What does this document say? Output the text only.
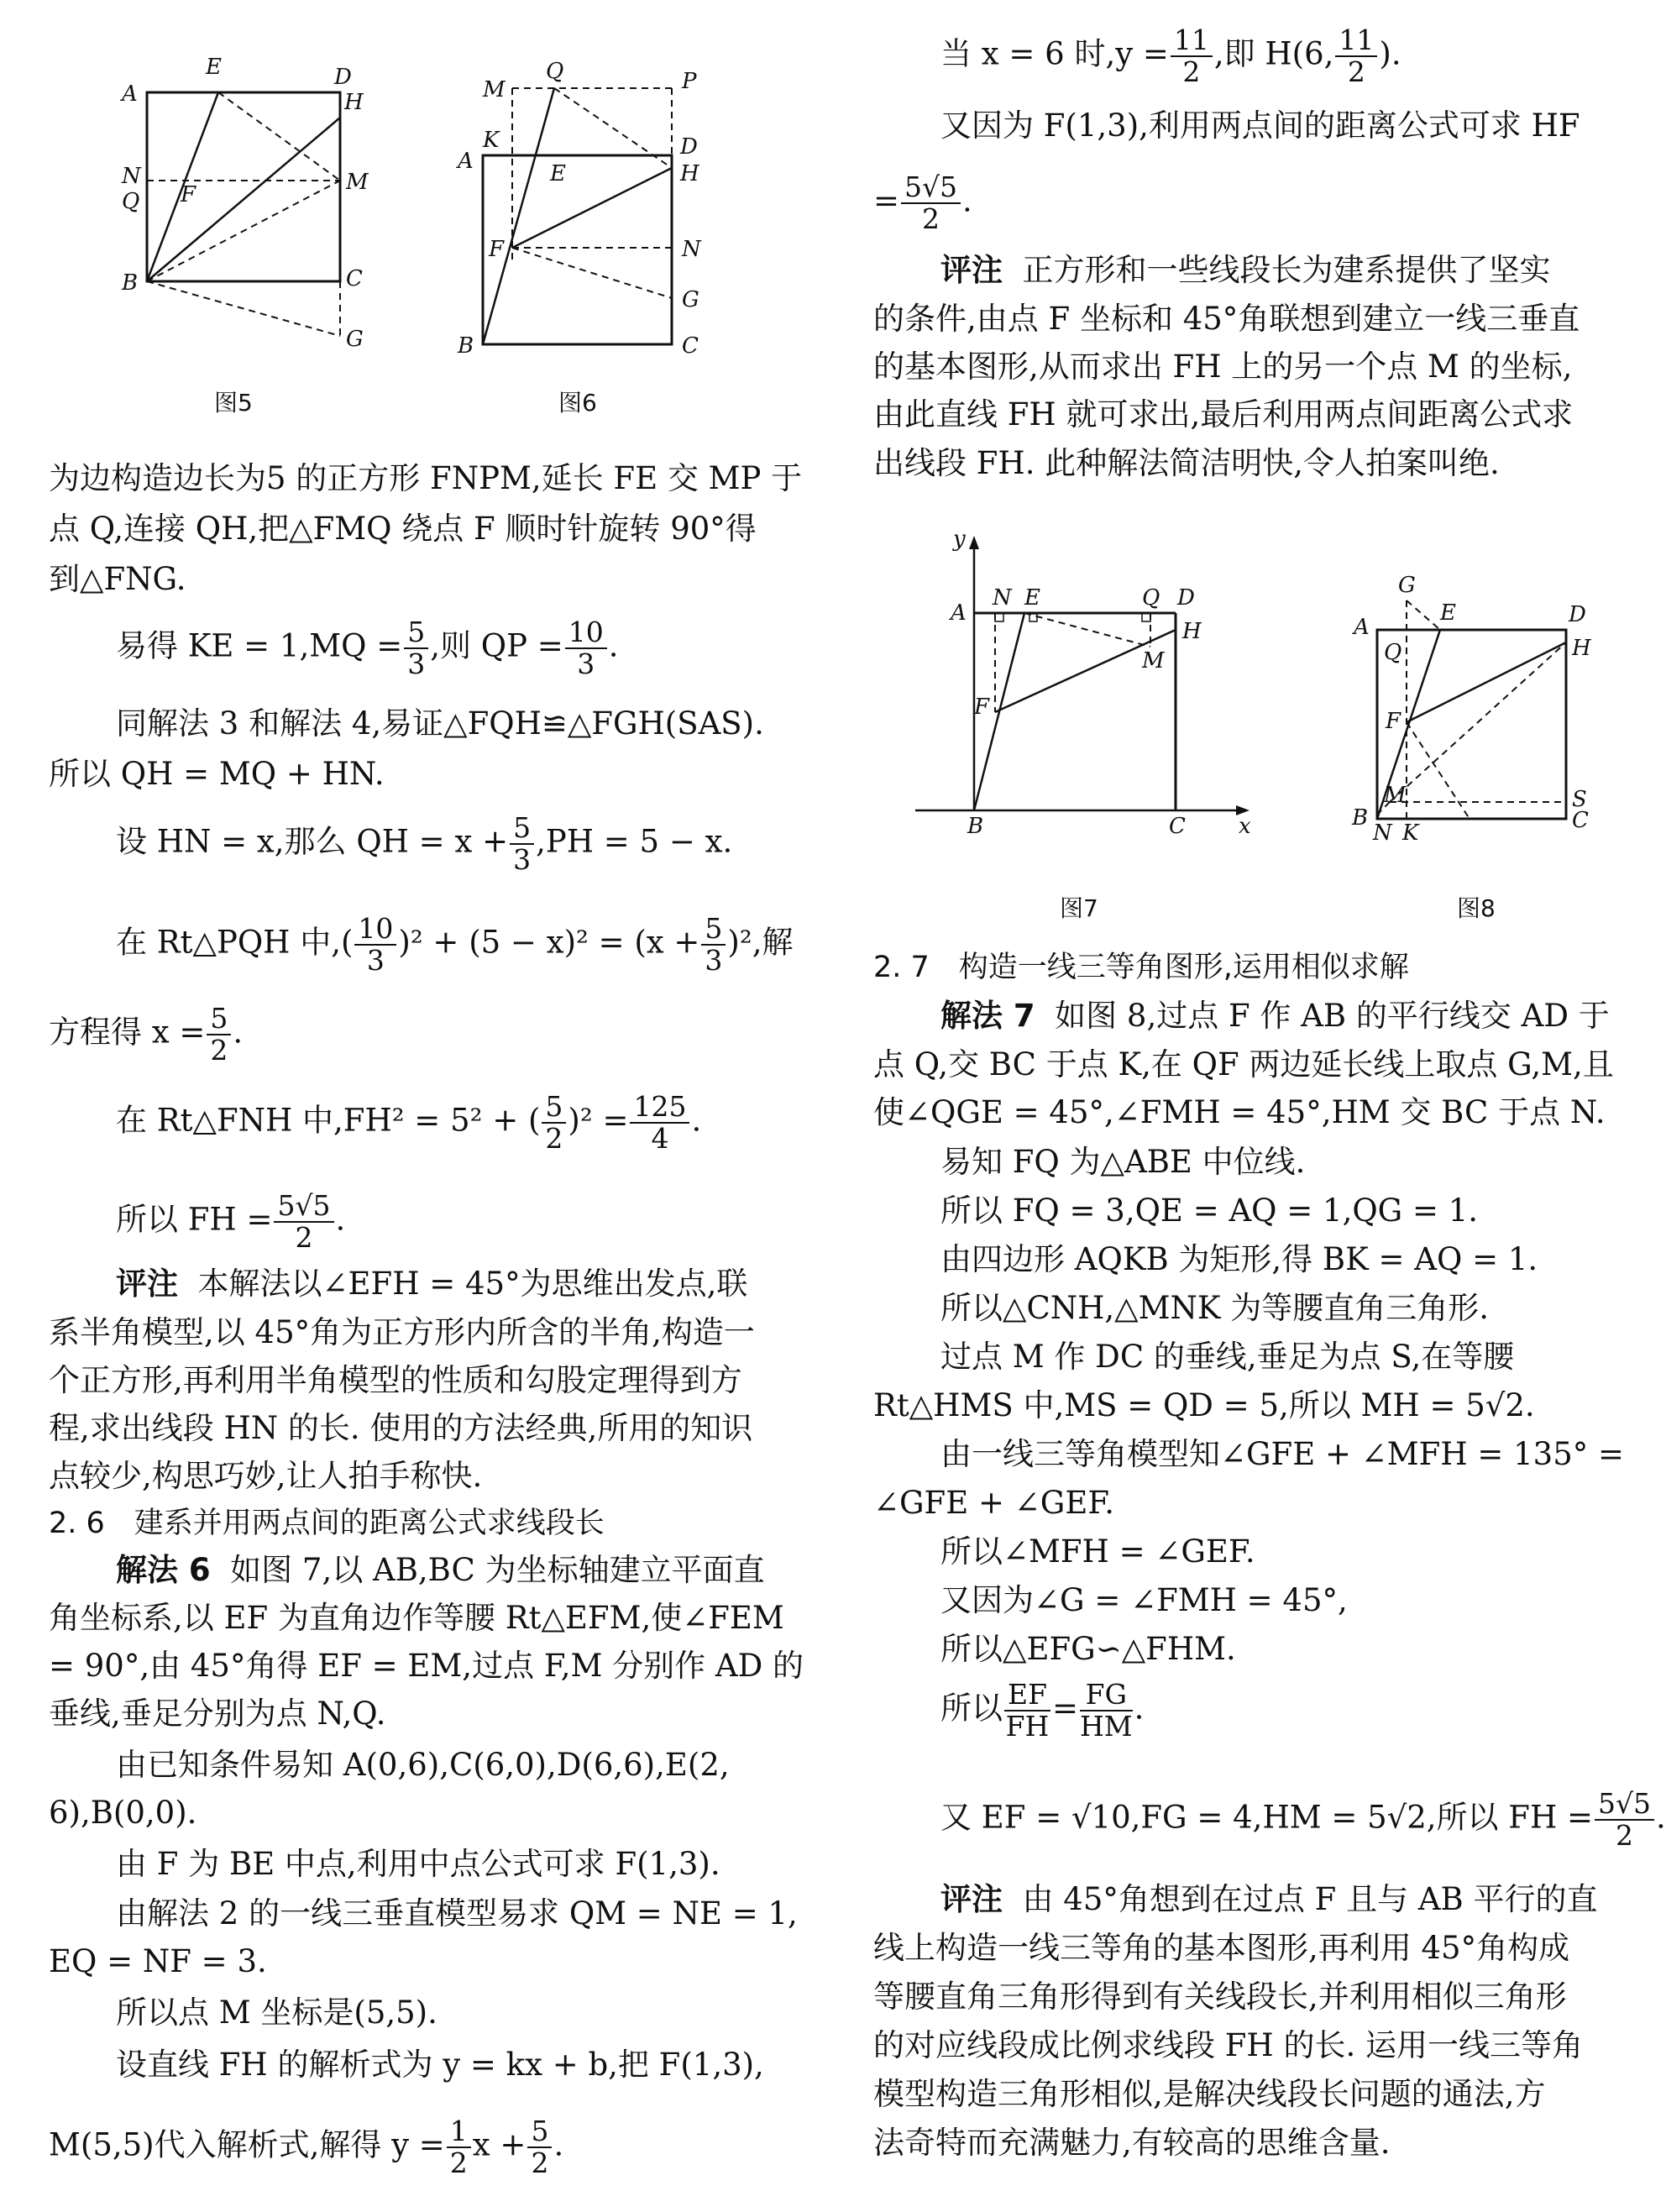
A
E	D
H
N
Q F	M
B	C
G
图5
M
Q	P
K	D
A	E	H
F	N
G
B	C
图6
为边构造边长为5 的正方形 FNPM,延长 FE 交 MP 于
点 Q,连接 QH,把△FMQ 绕点 F 顺时针旋转 90°得
到△FNG.
易得 KE = $1,MQ = \frac{5}{3}$ ,则 QP = $\frac{10}{3}$ .
同解法 3 和解法 4,易证△FQH≌△FGH(SAS).
所以 QH = MQ + HN.
设 HN = x,那么 QH = $x + \frac{5}{3} ,PH = 5 - x$.
在 Rt△PQH 中,( $\frac{10}{3} )^2 + (5 - x)^2 = (x + \frac{5}{3} )^2$,解
方程得 $x = \frac{5}{2}$ .
在 Rt△FNH 中,FH² = 5² + ( $\frac{5}{2} )^2 = \frac{125}{4}$ .
所以 FH = $\frac{5√5}{2}$ .
评注 本解法以∠EFH = 45°为思维出发点,联
系半角模型,以 45°角为正方形内所含的半角,构造一
个正方形,再利用半角模型的性质和勾股定理得到方
程,求出线段 HN 的长. 使用的方法经典,所用的知识
点较少,构思巧妙,让人拍手称快.
2. 6　建系并用两点间的距离公式求线段长
解法 6 如图 7,以 AB,BC 为坐标轴建立平面直
角坐标系,以 EF 为直角边作等腰 Rt△EFM,使∠FEM
= 90°,由 45°角得 EF = EM,过点 F,M 分别作 AD 的
垂线,垂足分别为点 N,Q.
由已知条件易知 A(0,6),C(6,0),D(6,6),E(2,
6),B(0,0).
由 F 为 BE 中点,利用中点公式可求 F(1,3).
由解法 2 的一线三垂直模型易求 QM = NE = 1,
EQ = NF = 3.
所以点 M 坐标是(5,5).
设直线 FH 的解析式为 y = kx + b,把 F(1,3),
M(5,5)代入解析式,解得 $y = \frac{1}{2}$ $x + \frac{5}{2}$ .
当 x = 6 时$,y = \frac{11}{2}$ ,即 H(6, $\frac{11}{2}$ ).
又因为 F(1,3),利用两点间的距离公式可求 HF
= $\frac{5√5}{2}$ .
评注 正方形和一些线段长为建系提供了坚实
的条件,由点 F 坐标和 45°角联想到建立一线三垂直
的基本图形,从而求出 FH 上的另一个点 M 的坐标,
由此直线 FH 就可求出,最后利用两点间距离公式求
出线段 FH. 此种解法简洁明快,令人拍案叫绝.
y
A
N E	Q D
H
M
F
B	C x
图7
G
A
E	D
Q	H
F
M	S
B
N K	C
图8
2. 7　构造一线三等角图形,运用相似求解
解法 7 如图 8,过点 F 作 AB 的平行线交 AD 于
点 Q,交 BC 于点 K,在 QF 两边延长线上取点 G,M,且
使∠QGE = 45°,∠FMH = 45°,HM 交 BC 于点 N.
易知 FQ 为△ABE 中位线.
所以 FQ = 3,QE = AQ = 1,QG = 1.
由四边形 AQKB 为矩形,得 BK = AQ = 1.
所以△CNH,△MNK 为等腰直角三角形.
过点 M 作 DC 的垂线,垂足为点 S,在等腰
Rt△HMS 中,MS = QD = 5,所以 MH = 5√2.
由一线三等角模型知∠GFE + ∠MFH = 135° =
∠GFE + ∠GEF.
所以∠MFH = ∠GEF.
又因为∠G = ∠FMH = 45°,
所以△EFG∽△FHM.
所以 $\frac{EF}{FH} = \frac{FG}{HM}$ .
又 EF = √10,FG = 4,HM = 5√2,所以 FH = $\frac{5√5}{2}$ .
评注 由 45°角想到在过点 F 且与 AB 平行的直
线上构造一线三等角的基本图形,再利用 45°角构成
等腰直角三角形得到有关线段长,并利用相似三角形
的对应线段成比例求线段 FH 的长. 运用一线三等角
模型构造三角形相似,是解决线段长问题的通法,方
法奇特而充满魅力,有较高的思维含量.
